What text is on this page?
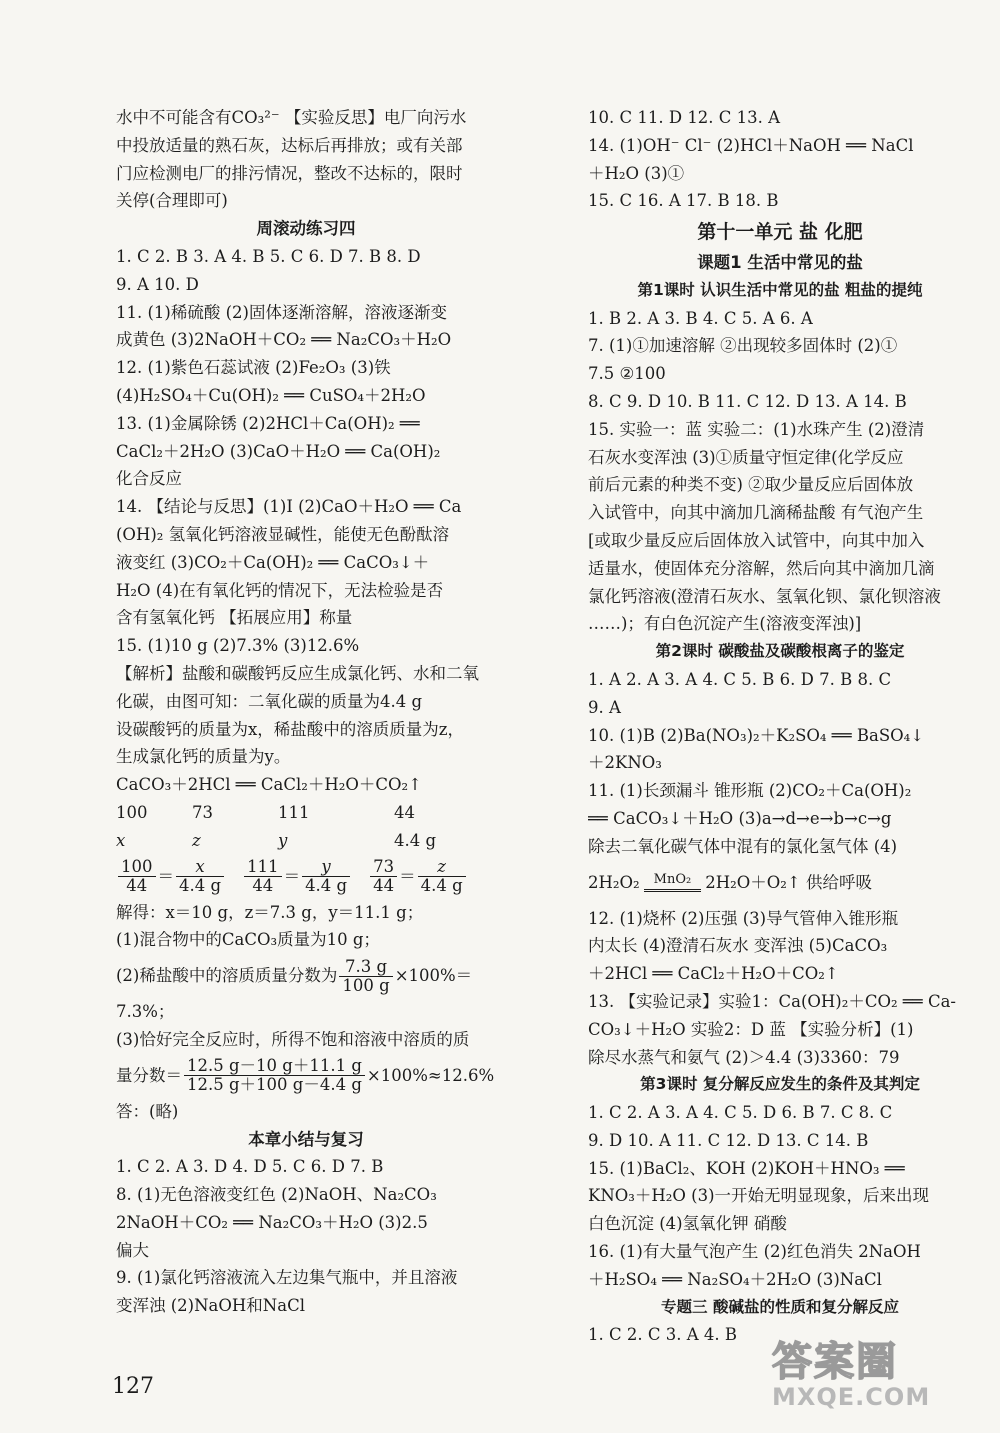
水中不可能含有CO₃²⁻ 【实验反思】电厂向污水
中投放适量的熟石灰，达标后再排放；或有关部
门应检测电厂的排污情况，整改不达标的，限时
关停(合理即可)
周滚动练习四
1. C 2. B 3. A 4. B 5. C 6. D 7. B 8. D
9. A 10. D
11. (1)稀硫酸 (2)固体逐渐溶解，溶液逐渐变
成黄色 (3)2NaOH＋CO₂ ══ Na₂CO₃＋H₂O
12. (1)紫色石蕊试液 (2)Fe₂O₃ (3)铁
(4)H₂SO₄＋Cu(OH)₂ ══ CuSO₄＋2H₂O
13. (1)金属除锈 (2)2HCl＋Ca(OH)₂ ══
CaCl₂＋2H₂O (3)CaO＋H₂O ══ Ca(OH)₂
化合反应
14. 【结论与反思】(1)Ⅰ (2)CaO＋H₂O ══ Ca
(OH)₂ 氢氧化钙溶液显碱性，能使无色酚酞溶
液变红 (3)CO₂＋Ca(OH)₂ ══ CaCO₃↓＋
H₂O (4)在有氧化钙的情况下，无法检验是否
含有氢氧化钙 【拓展应用】称量
15. (1)10 g (2)7.3% (3)12.6%
【解析】盐酸和碳酸钙反应生成氯化钙、水和二氧
化碳，由图可知：二氧化碳的质量为4.4 g
设碳酸钙的质量为x，稀盐酸中的溶质质量为z，
生成氯化钙的质量为y。
CaCO₃＋2HCl ══ CaCl₂＋H₂O＋CO₂↑
100	73	111	44
x	z	y	4.4 g
$\frac{100}{44} = \frac{x}{4.4 g} \frac{111}{44} = \frac{y}{4.4 g} \frac{73}{44} = \frac{z}{4.4 g}$
解得：x＝10 g，z＝7.3 g，y＝11.1 g；
(1)混合物中的CaCO₃质量为10 g；
(2)稀盐酸中的溶质质量分数为 $\frac{7.3 g}{100 g} \times 100\%=$
7.3%；
(3)恰好完全反应时，所得不饱和溶液中溶质的质
量分数＝ $\frac{12.5 g-10 g+11.1 g}{12.5 g+100 g-4.4 g} \times 100\%\approx 12.6\%$
答：(略)
本章小结与复习
1. C 2. A 3. D 4. D 5. C 6. D 7. B
8. (1)无色溶液变红色 (2)NaOH、Na₂CO₃
2NaOH＋CO₂ ══ Na₂CO₃＋H₂O (3)2.5
偏大
9. (1)氯化钙溶液流入左边集气瓶中，并且溶液
变浑浊 (2)NaOH和NaCl
10. C 11. D 12. C 13. A
14. (1)OH⁻ Cl⁻ (2)HCl＋NaOH ══ NaCl
＋H₂O (3)①
15. C 16. A 17. B 18. B
第十一单元 盐 化肥
课题1 生活中常见的盐
第1课时 认识生活中常见的盐 粗盐的提纯
1. B 2. A 3. B 4. C 5. A 6. A
7. (1)①加速溶解 ②出现较多固体时 (2)①
7.5 ②100
8. C 9. D 10. B 11. C 12. D 13. A 14. B
15. 实验一：蓝 实验二：(1)水珠产生 (2)澄清
石灰水变浑浊 (3)①质量守恒定律(化学反应
前后元素的种类不变) ②取少量反应后固体放
入试管中，向其中滴加几滴稀盐酸 有气泡产生
[或取少量反应后固体放入试管中，向其中加入
适量水，使固体充分溶解，然后向其中滴加几滴
氯化钙溶液(澄清石灰水、氢氧化钡、氯化钡溶液
……)；有白色沉淀产生(溶液变浑浊)]
第2课时 碳酸盐及碳酸根离子的鉴定
1. A 2. A 3. A 4. C 5. B 6. D 7. B 8. C
9. A
10. (1)B (2)Ba(NO₃)₂＋K₂SO₄ ══ BaSO₄↓
＋2KNO₃
11. (1)长颈漏斗 锥形瓶 (2)CO₂＋Ca(OH)₂
══ CaCO₃↓＋H₂O (3)a→d→e→b→c→g
除去二氧化碳气体中混有的氯化氢气体 (4)
2H₂O₂	MnO₂ 2H₂O＋O₂↑ 供给呼吸
12. (1)烧杯 (2)压强 (3)导气管伸入锥形瓶
内太长 (4)澄清石灰水 变浑浊 (5)CaCO₃
＋2HCl ══ CaCl₂＋H₂O＋CO₂↑
13. 【实验记录】实验1：Ca(OH)₂＋CO₂ ══ Ca-
CO₃↓＋H₂O 实验2：D 蓝 【实验分析】(1)
除尽水蒸气和氨气 (2)＞4.4 (3)3360：79
第3课时 复分解反应发生的条件及其判定
1. C 2. A 3. A 4. C 5. D 6. B 7. C 8. C
9. D 10. A 11. C 12. D 13. C 14. B
15. (1)BaCl₂、KOH (2)KOH＋HNO₃ ══
KNO₃＋H₂O (3)一开始无明显现象，后来出现
白色沉淀 (4)氢氧化钾 硝酸
16. (1)有大量气泡产生 (2)红色消失 2NaOH
＋H₂SO₄ ══ Na₂SO₄＋2H₂O (3)NaCl
专题三 酸碱盐的性质和复分解反应
1. C 2. C 3. A 4. B
127
答案圈
MXQE.COM
